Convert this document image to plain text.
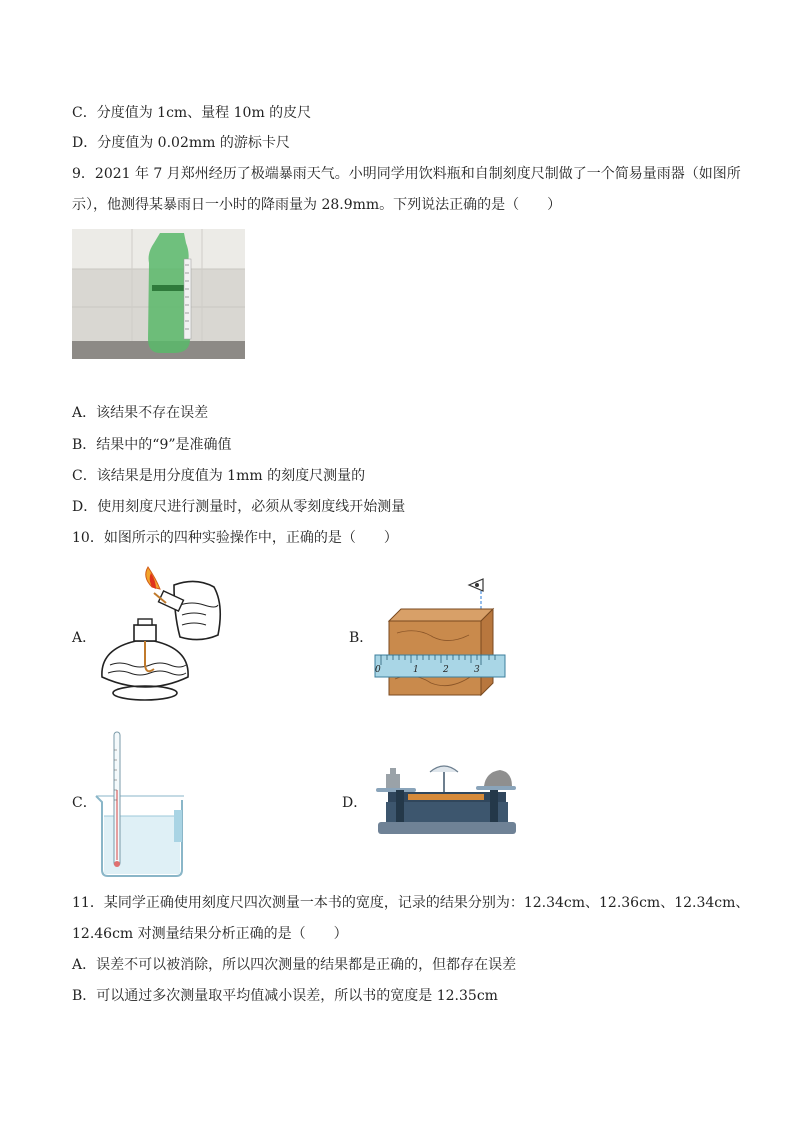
C．分度值为 1cm、量程 10m 的皮尺
D．分度值为 0.02mm 的游标卡尺
9．2021 年 7 月郑州经历了极端暴雨天气。小明同学用饮料瓶和自制刻度尺制做了一个简易量雨器（如图所
示），他测得某暴雨日一小时的降雨量为 28.9mm。下列说法正确的是（　　）
A．该结果不存在误差
B．结果中的“9”是准确值
C．该结果是用分度值为 1mm 的刻度尺测量的
D．使用刻度尺进行测量时，必须从零刻度线开始测量
10．如图所示的四种实验操作中，正确的是（　　）
A．	B．
0	1	2	3
C．	D．
11．某同学正确使用刻度尺四次测量一本书的宽度，记录的结果分别为：12.34cm、12.36cm、12.34cm、
12.46cm 对测量结果分析正确的是（　　）
A．误差不可以被消除，所以四次测量的结果都是正确的，但都存在误差
B．可以通过多次测量取平均值减小误差，所以书的宽度是 12.35cm
